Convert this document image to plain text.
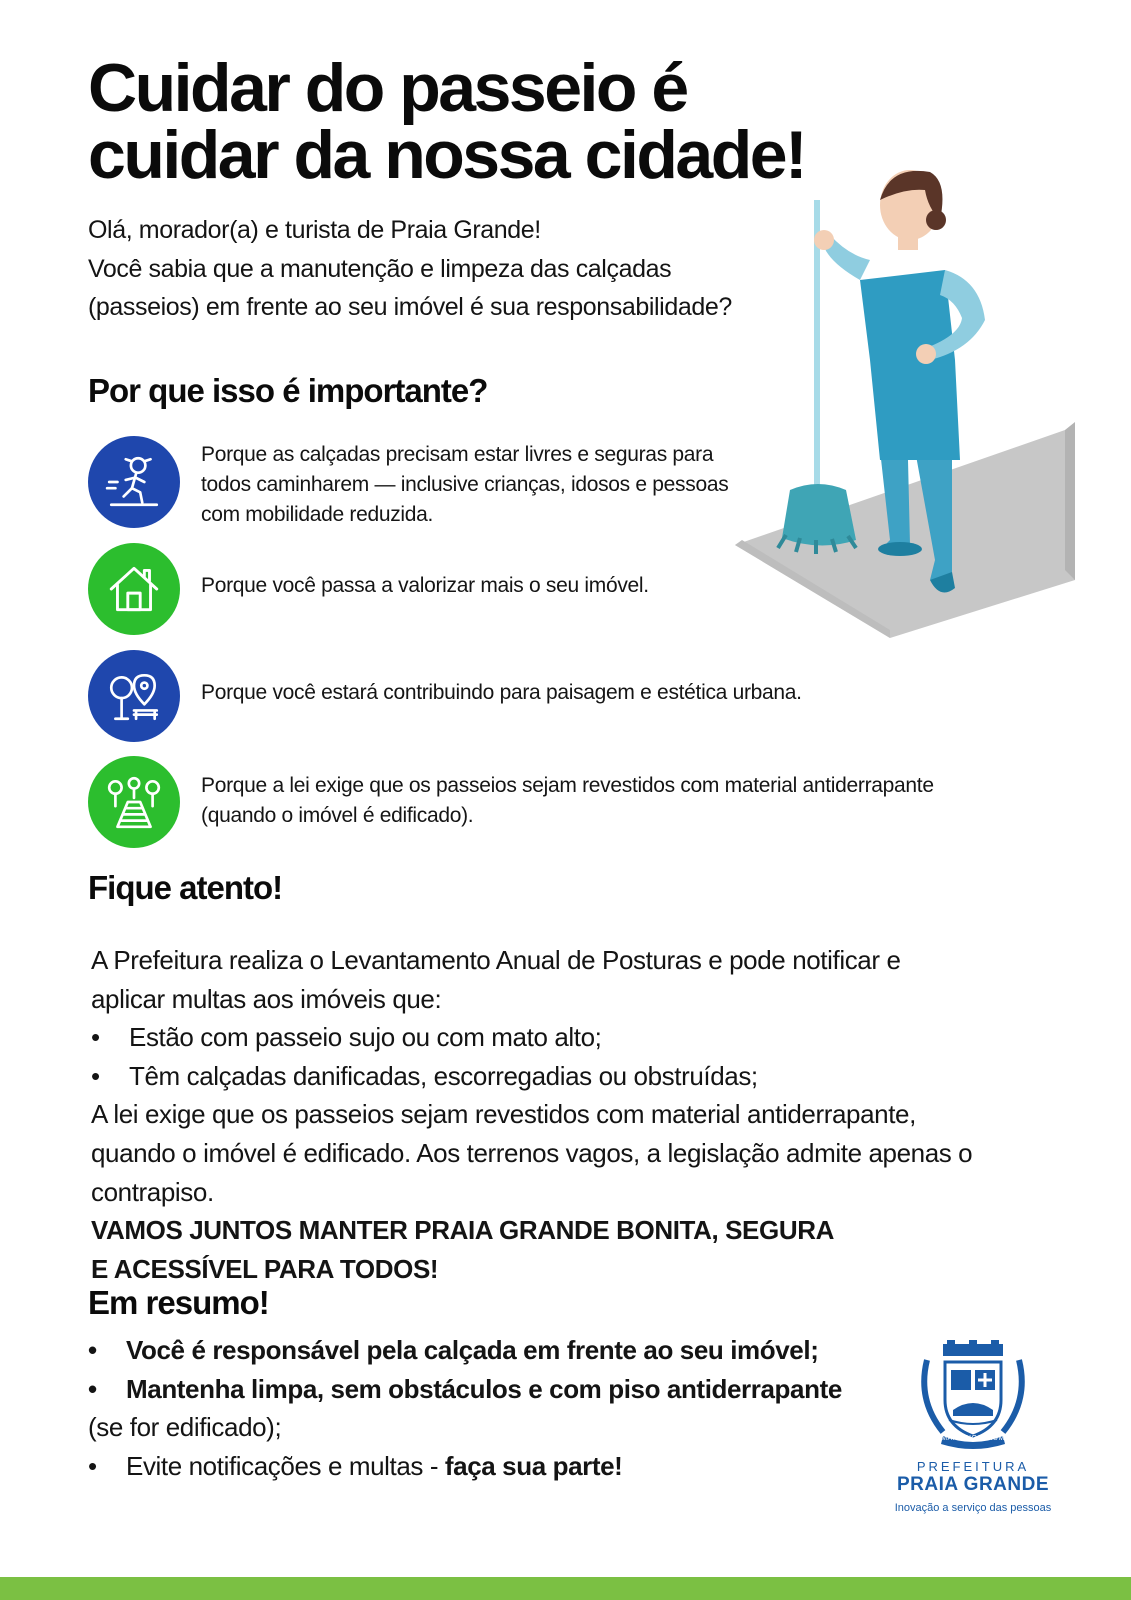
Cuidar do passeio é
cuidar da nossa cidade!

Olá, morador(a) e turista de Praia Grande!

Você sabia que a manutenção e limpeza das calçadas (passeios) em frente ao seu imóvel é sua responsabilidade?

Por que isso é importante?
Porque as calçadas precisam estar livres e seguras para todos caminharem — inclusive crianças, idosos e pessoas com mobilidade reduzida.
Porque você passa a valorizar mais o seu imóvel.
Porque você estará contribuindo para paisagem e estética urbana.
Porque a lei exige que os passeios sejam revestidos com material antiderrapante (quando o imóvel é edificado).
Fique atento!

A Prefeitura realiza o Levantamento Anual de Posturas e pode notificar e aplicar multas aos imóveis que:

• Estão com passeio sujo ou com mato alto;

• Têm calçadas danificadas, escorregadias ou obstruídas;

A lei exige que os passeios sejam revestidos com material antiderrapante, quando o imóvel é edificado. Aos terrenos vagos, a legislação admite apenas o contrapiso.

VAMOS JUNTOS MANTER PRAIA GRANDE BONITA, SEGURA

E ACESSÍVEL PARA TODOS!

Em resumo!

• Você é responsável pela calçada em frente ao seu imóvel;

• Mantenha limpa, sem obstáculos e com piso antiderrapante

(se for edificado);

• Evite notificações e multas - faça sua parte!

MARE NOSTRUM
PREFEITURA
PRAIA GRANDE
Inovação a serviço das pessoas
